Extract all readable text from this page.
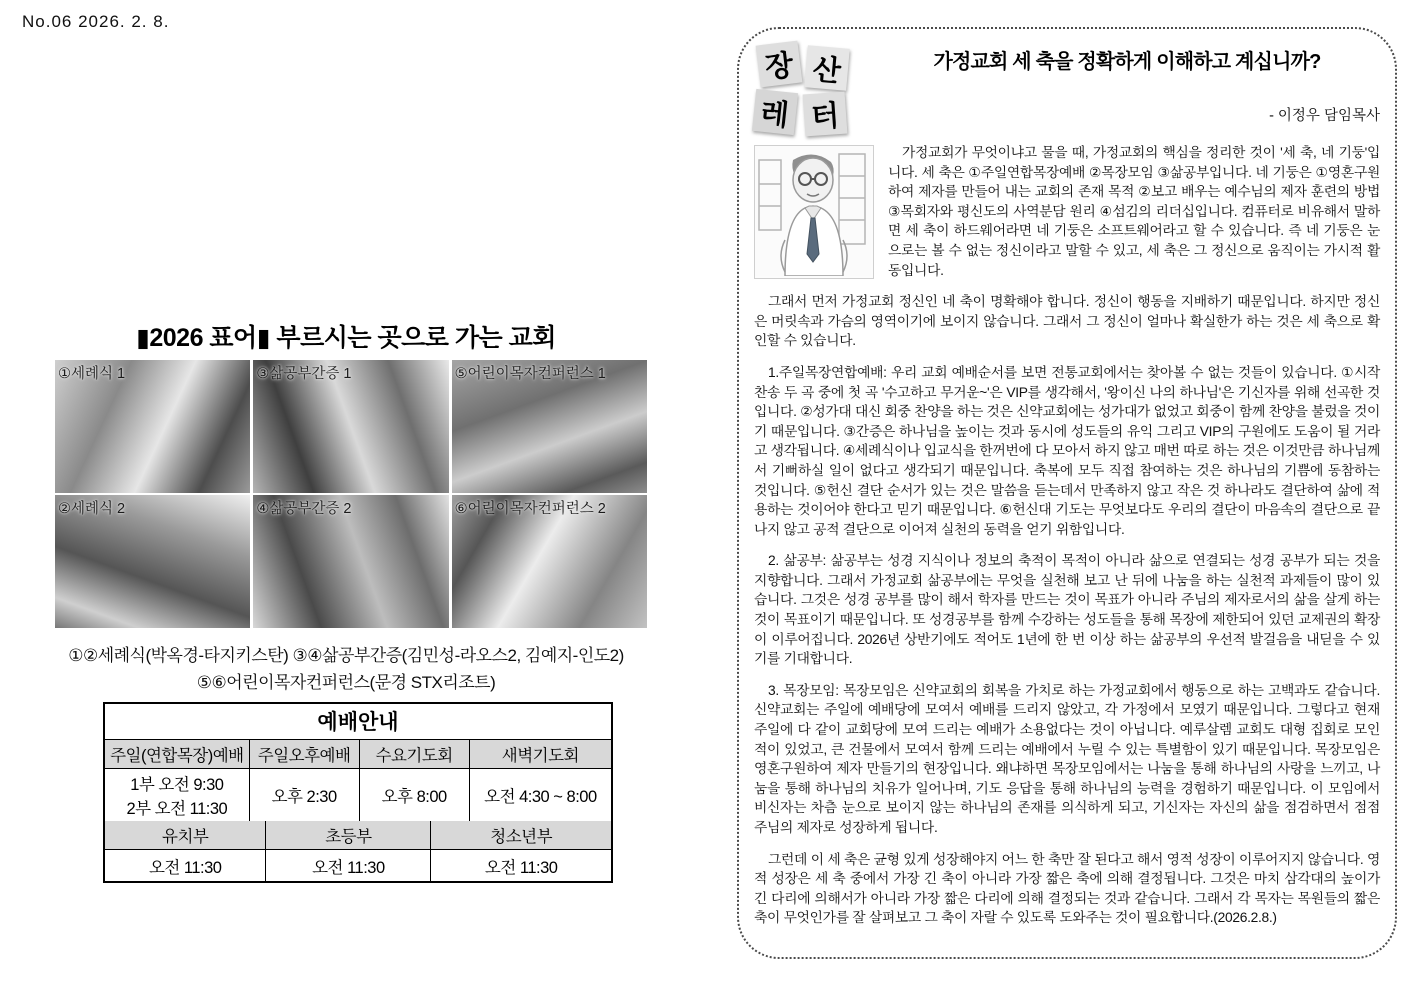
No.06 2026. 2. 8.
▮2026 표어▮ 부르시는 곳으로 가는 교회
①세례식 1	③삶공부간증 1	⑤어린이목자컨퍼런스 1
②세례식 2	④삶공부간증 2	⑥어린이목자컨퍼런스 2
①②세례식(박옥경-타지키스탄) ③④삶공부간증(김민성-라오스2, 김예지-인도2)
⑤⑥어린이목자컨퍼런스(문경 STX리조트)
예배안내
주일(연합목장)예배	주일오후예배	수요기도회	새벽기도회
1부 오전 9:30
2부 오전 11:30	오후 2:30	오후 8:00	오전 4:30 ~ 8:00
유치부	초등부	청소년부
오전 11:30	오전 11:30	오전 11:30
장 산
레 터
가정교회 세 축을 정확하게 이해하고 계십니까?
- 이정우 담임목사

가정교회가 무엇이냐고 물을 때, 가정교회의 핵심을 정리한 것이 '세 축, 네 기둥'입니다. 세 축은 ①주일연합목장예배 ②목장모임 ③삶공부입니다. 네 기둥은 ①영혼구원 하여 제자를 만들어 내는 교회의 존재 목적 ②보고 배우는 예수님의 제자 훈련의 방법 ③목회자와 평신도의 사역분담 원리 ④섬김의 리더십입니다. 컴퓨터로 비유해서 말하면 세 축이 하드웨어라면 네 기둥은 소프트웨어라고 할 수 있습니다. 즉 네 기둥은 눈으로는 볼 수 없는 정신이라고 말할 수 있고, 세 축은 그 정신으로 움직이는 가시적 활동입니다.

그래서 먼저 가정교회 정신인 네 축이 명확해야 합니다. 정신이 행동을 지배하기 때문입니다. 하지만 정신은 머릿속과 가슴의 영역이기에 보이지 않습니다. 그래서 그 정신이 얼마나 확실한가 하는 것은 세 축으로 확인할 수 있습니다.

1.주일목장연합예배: 우리 교회 예배순서를 보면 전통교회에서는 찾아볼 수 없는 것들이 있습니다. ①시작 찬송 두 곡 중에 첫 곡 '수고하고 무거운~'은 VIP를 생각해서, '왕이신 나의 하나님'은 기신자를 위해 선곡한 것입니다. ②성가대 대신 회중 찬양을 하는 것은 신약교회에는 성가대가 없었고 회중이 함께 찬양을 불렀을 것이기 때문입니다. ③간증은 하나님을 높이는 것과 동시에 성도들의 유익 그리고 VIP의 구원에도 도움이 될 거라고 생각됩니다. ④세례식이나 입교식을 한꺼번에 다 모아서 하지 않고 매번 따로 하는 것은 이것만큼 하나님께서 기뻐하실 일이 없다고 생각되기 때문입니다. 축복에 모두 직접 참여하는 것은 하나님의 기쁨에 동참하는 것입니다. ⑤헌신 결단 순서가 있는 것은 말씀을 듣는데서 만족하지 않고 작은 것 하나라도 결단하여 삶에 적용하는 것이어야 한다고 믿기 때문입니다. ⑥헌신대 기도는 무엇보다도 우리의 결단이 마음속의 결단으로 끝나지 않고 공적 결단으로 이어져 실천의 동력을 얻기 위함입니다.

2. 삶공부: 삶공부는 성경 지식이나 정보의 축적이 목적이 아니라 삶으로 연결되는 성경 공부가 되는 것을 지향합니다. 그래서 가정교회 삶공부에는 무엇을 실천해 보고 난 뒤에 나눔을 하는 실천적 과제들이 많이 있습니다. 그것은 성경 공부를 많이 해서 학자를 만드는 것이 목표가 아니라 주님의 제자로서의 삶을 살게 하는 것이 목표이기 때문입니다. 또 성경공부를 함께 수강하는 성도들을 통해 목장에 제한되어 있던 교제권의 확장이 이루어집니다. 2026년 상반기에도 적어도 1년에 한 번 이상 하는 삶공부의 우선적 발걸음을 내딛을 수 있기를 기대합니다.

3. 목장모임: 목장모임은 신약교회의 회복을 가치로 하는 가정교회에서 행동으로 하는 고백과도 같습니다. 신약교회는 주일에 예배당에 모여서 예배를 드리지 않았고, 각 가정에서 모였기 때문입니다. 그렇다고 현재 주일에 다 같이 교회당에 모여 드리는 예배가 소용없다는 것이 아닙니다. 예루살렘 교회도 대형 집회로 모인 적이 있었고, 큰 건물에서 모여서 함께 드리는 예배에서 누릴 수 있는 특별함이 있기 때문입니다. 목장모임은 영혼구원하여 제자 만들기의 현장입니다. 왜냐하면 목장모임에서는 나눔을 통해 하나님의 사랑을 느끼고, 나눔을 통해 하나님의 치유가 일어나며, 기도 응답을 통해 하나님의 능력을 경험하기 때문입니다. 이 모임에서 비신자는 차츰 눈으로 보이지 않는 하나님의 존재를 의식하게 되고, 기신자는 자신의 삶을 점검하면서 점점 주님의 제자로 성장하게 됩니다.

그런데 이 세 축은 균형 있게 성장해야지 어느 한 축만 잘 된다고 해서 영적 성장이 이루어지지 않습니다. 영적 성장은 세 축 중에서 가장 긴 축이 아니라 가장 짧은 축에 의해 결정됩니다. 그것은 마치 삼각대의 높이가 긴 다리에 의해서가 아니라 가장 짧은 다리에 의해 결정되는 것과 같습니다. 그래서 각 목자는 목원들의 짧은 축이 무엇인가를 잘 살펴보고 그 축이 자랄 수 있도록 도와주는 것이 필요합니다.(2026.2.8.)
